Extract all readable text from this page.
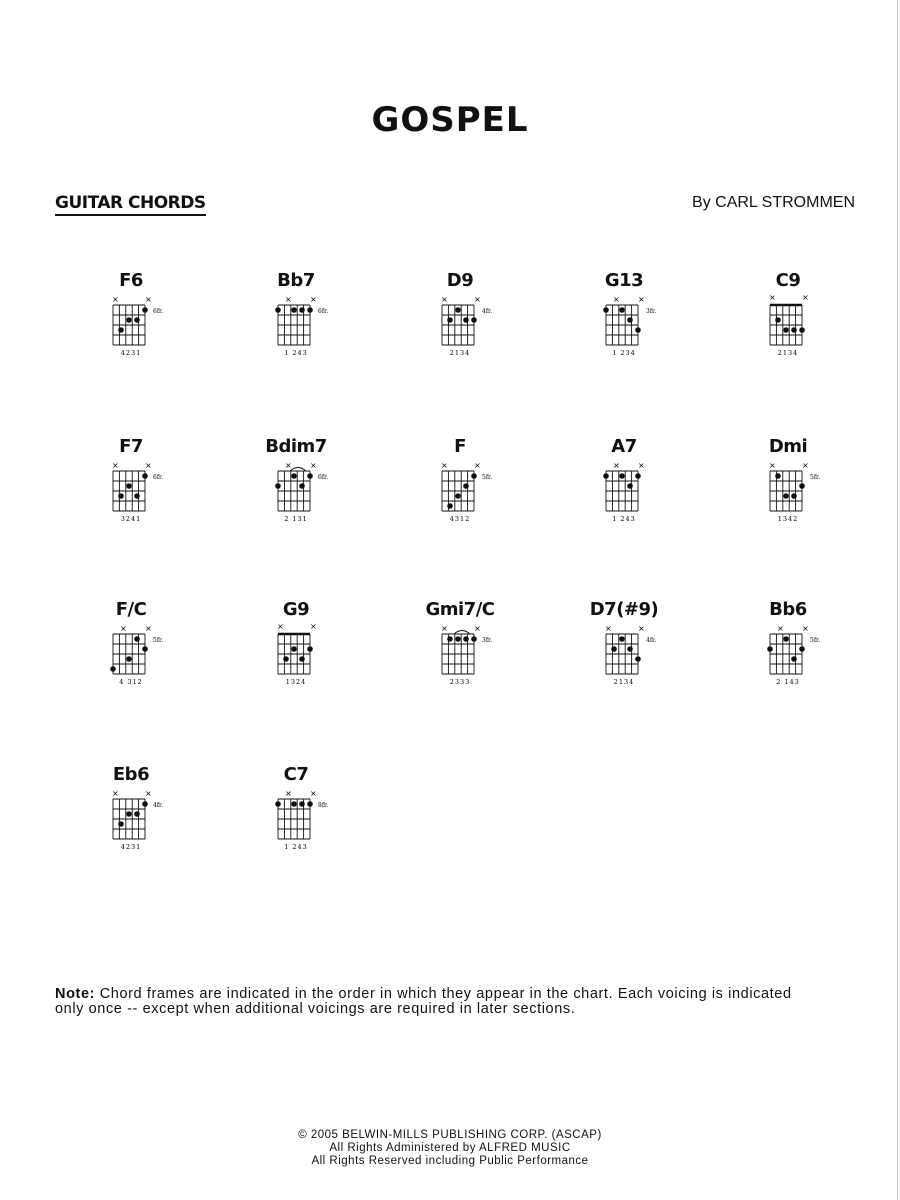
GOSPEL
GUITAR CHORDS	By CARL STROMMEN
F6
×	×
6fr.
4231
Bb7
× ×
6fr.
1 243
D9
×	×
4fr.
2134
G13
× ×
3fr.
1 234
C9
×	×
2134
F7
×	×
6fr.
3241
Bdim7
× ×
6fr.
2 131
F
×	×
5fr.
4312
A7
× ×
1 243
Dmi
×	×
5fr.
1342
F/C
× ×
5fr.
4 312
G9
×	×
1324
Gmi7/C
×	×
3fr.
2333
D7(#9)
×	×
4fr.
2134
Bb6
× ×
5fr.
2 143
Eb6
×	×
4fr.
4231
C7
× ×
8fr.
1 243
Note: Chord frames are indicated in the order in which they appear in the chart. Each voicing is indicated only once -- except when additional voicings are required in later sections.
© 2005 BELWIN-MILLS PUBLISHING CORP. (ASCAP)
All Rights Administered by ALFRED MUSIC
All Rights Reserved including Public Performance
